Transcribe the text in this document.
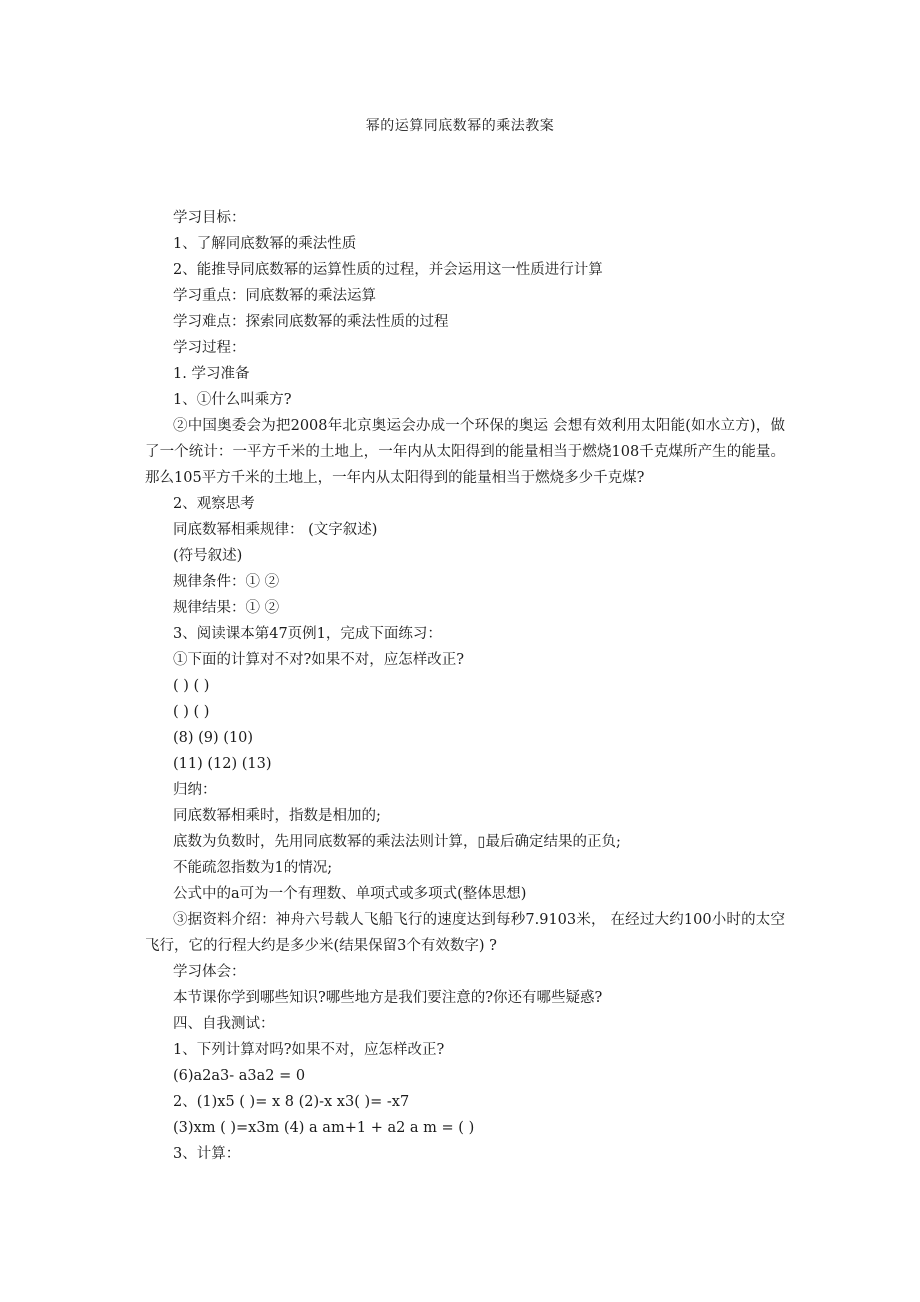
幂的运算同底数幂的乘法教案
学习目标：
1、了解同底数幂的乘法性质
2、能推导同底数幂的运算性质的过程，并会运用这一性质进行计算
学习重点：同底数幂的乘法运算
学习难点：探索同底数幂的乘法性质的过程
学习过程：
1. 学习准备
1、①什么叫乘方?
②中国奥委会为把2008年北京奥运会办成一个环保的奥运 会想有效利用太阳能(如水立方)，做了一个统计：一平方千米的土地上，一年内从太阳得到的能量相当于燃烧108千克煤所产生的能量。那么105平方千米的土地上，一年内从太阳得到的能量相当于燃烧多少千克煤?
2、观察思考
同底数幂相乘规律： (文字叙述)
(符号叙述)
规律条件：① ②
规律结果：① ②
3、阅读课本第47页例1，完成下面练习：
①下面的计算对不对?如果不对，应怎样改正?
( ) ( )
( ) ( )
(8) (9) (10)
(11) (12) (13)
归纳：
同底数幂相乘时，指数是相加的;
底数为负数时，先用同底数幂的乘法法则计算，▯最后确定结果的正负;
不能疏忽指数为1的情况;
公式中的a可为一个有理数、单项式或多项式(整体思想)
③据资料介绍：神舟六号载人飞船飞行的速度达到每秒7.9103米， 在经过大约100小时的太空飞行，它的行程大约是多少米(结果保留3个有效数字) ?
学习体会：
本节课你学到哪些知识?哪些地方是我们要注意的?你还有哪些疑惑?
四、自我测试：
1、下列计算对吗?如果不对，应怎样改正?
(6)a2a3- a3a2 = 0
2、(1)x5 ( )= x 8 (2)-x x3( )= -x7
(3)xm ( )=x3m (4) a am+1 + a2 a m = ( )
3、计算：
